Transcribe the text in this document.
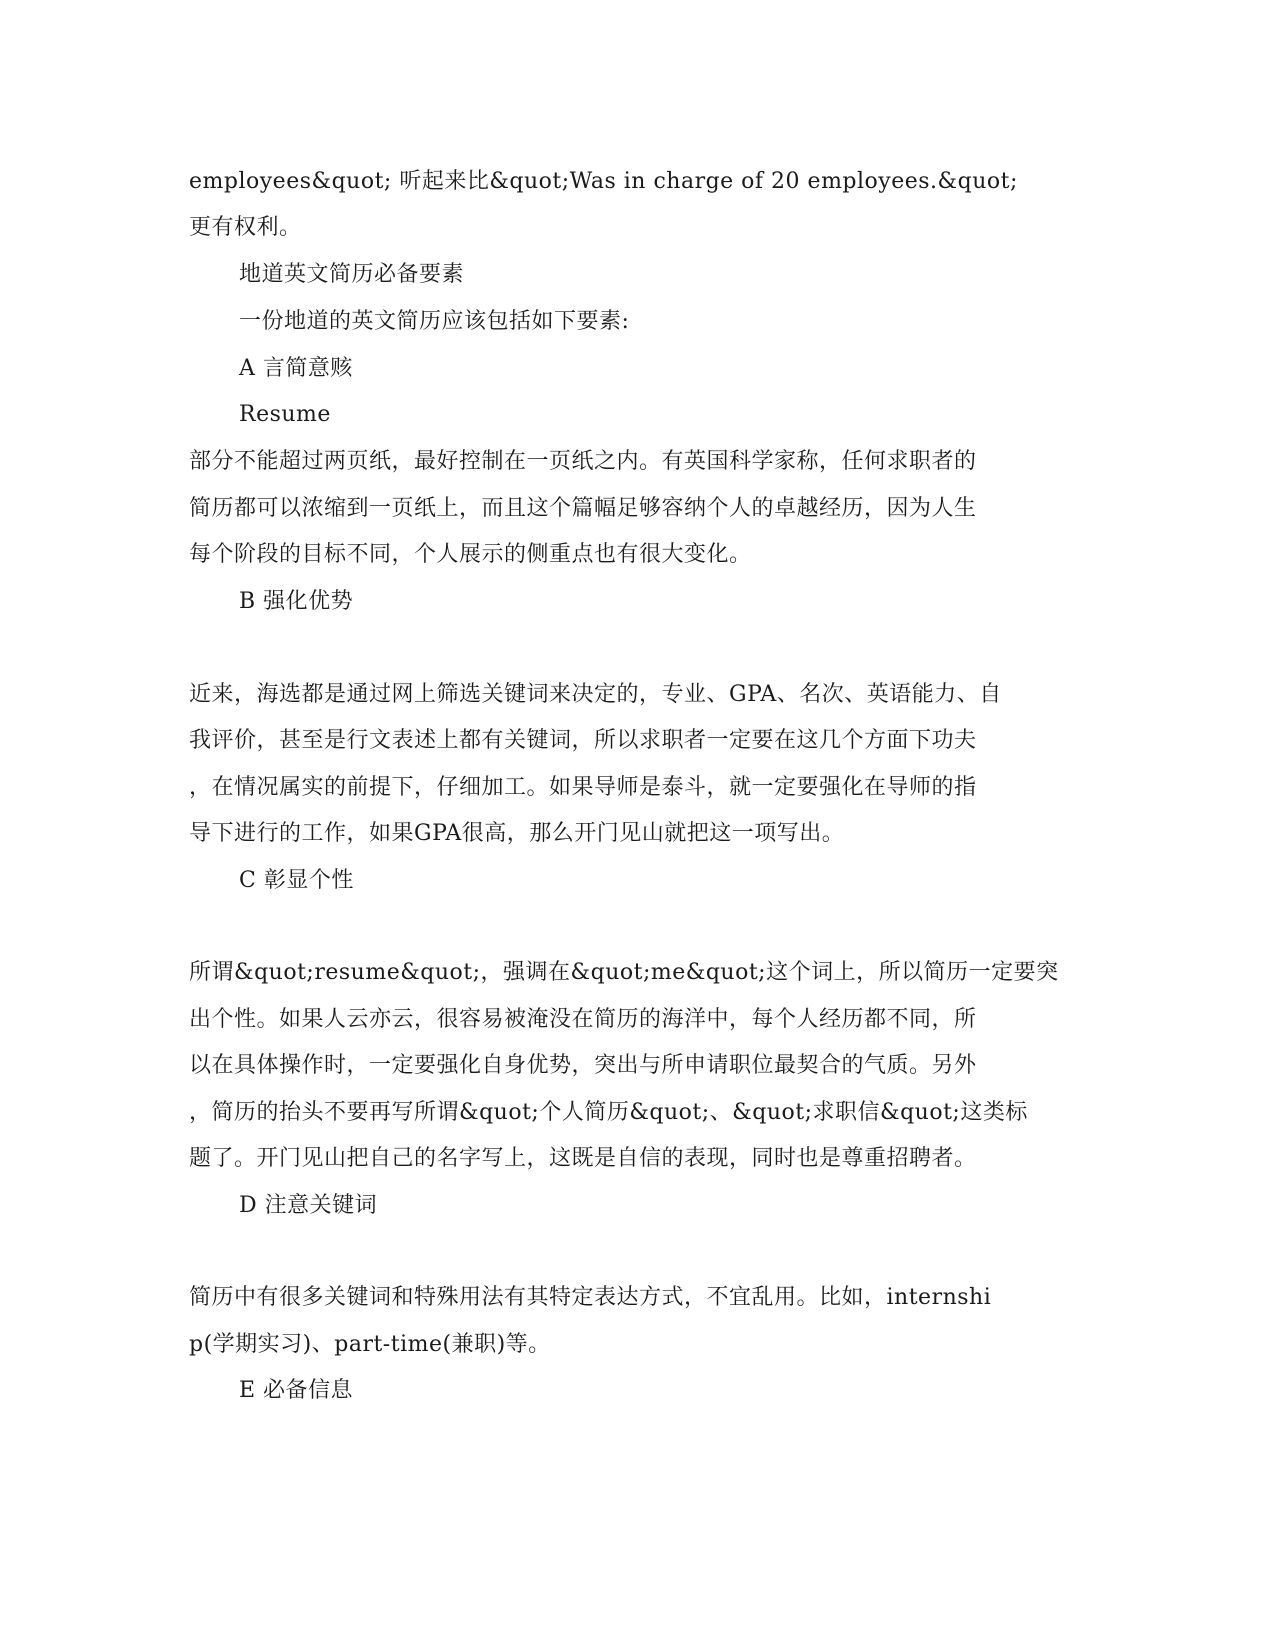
employees&quot; 听起来比&quot;Was in charge of 20 employees.&quot;
更有权利。
地道英文简历必备要素
一份地道的英文简历应该包括如下要素:
A 言简意赅
Resume
部分不能超过两页纸，最好控制在一页纸之内。有英国科学家称，任何求职者的
简历都可以浓缩到一页纸上，而且这个篇幅足够容纳个人的卓越经历，因为人生
每个阶段的目标不同，个人展示的侧重点也有很大变化。
B 强化优势
近来，海选都是通过网上筛选关键词来决定的，专业、GPA、名次、英语能力、自
我评价，甚至是行文表述上都有关键词，所以求职者一定要在这几个方面下功夫
，在情况属实的前提下，仔细加工。如果导师是泰斗，就一定要强化在导师的指
导下进行的工作，如果GPA很高，那么开门见山就把这一项写出。
C 彰显个性
所谓&quot;resume&quot;，强调在&quot;me&quot;这个词上，所以简历一定要突
出个性。如果人云亦云，很容易被淹没在简历的海洋中，每个人经历都不同，所
以在具体操作时，一定要强化自身优势，突出与所申请职位最契合的气质。另外
，简历的抬头不要再写所谓&quot;个人简历&quot;、&quot;求职信&quot;这类标
题了。开门见山把自己的名字写上，这既是自信的表现，同时也是尊重招聘者。
D 注意关键词
简历中有很多关键词和特殊用法有其特定表达方式，不宜乱用。比如，internshi
p(学期实习)、part-time(兼职)等。
E 必备信息
